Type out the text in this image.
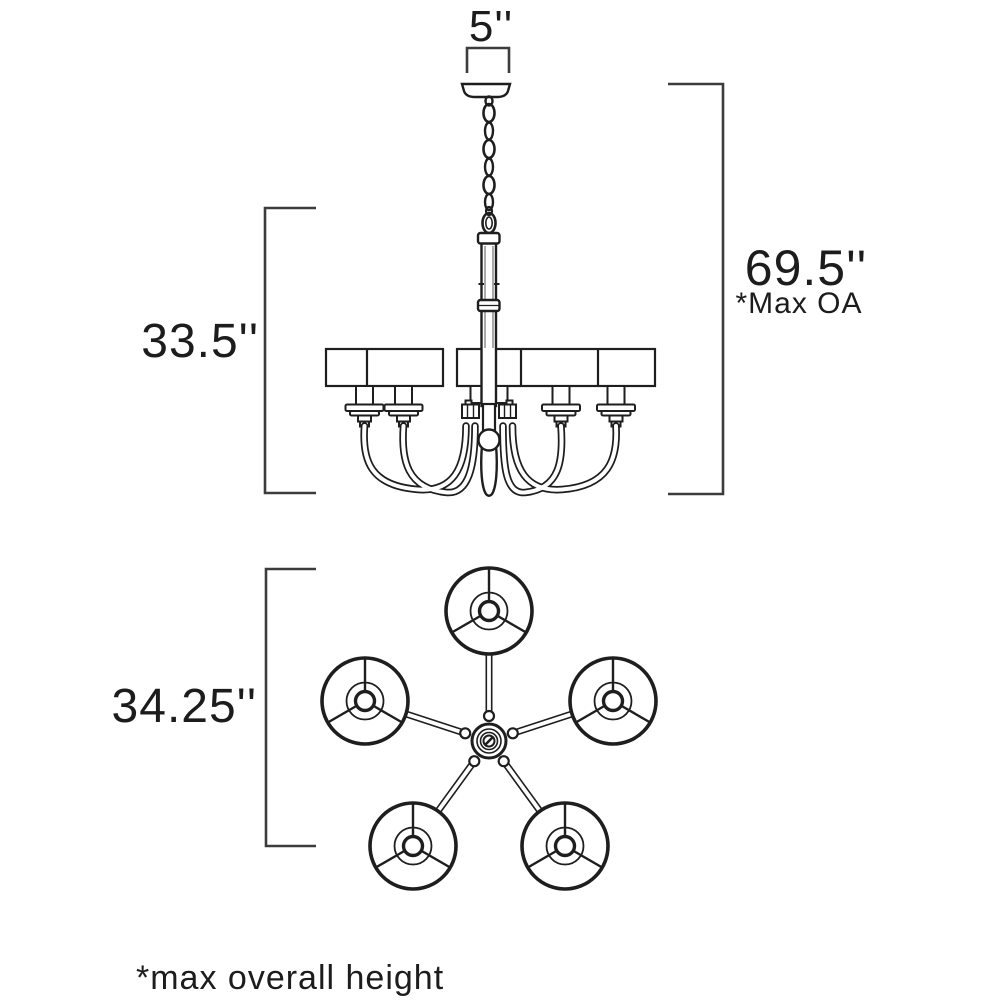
5''
33.5''
69.5''
*Max OA
34.25''
*max overall height
